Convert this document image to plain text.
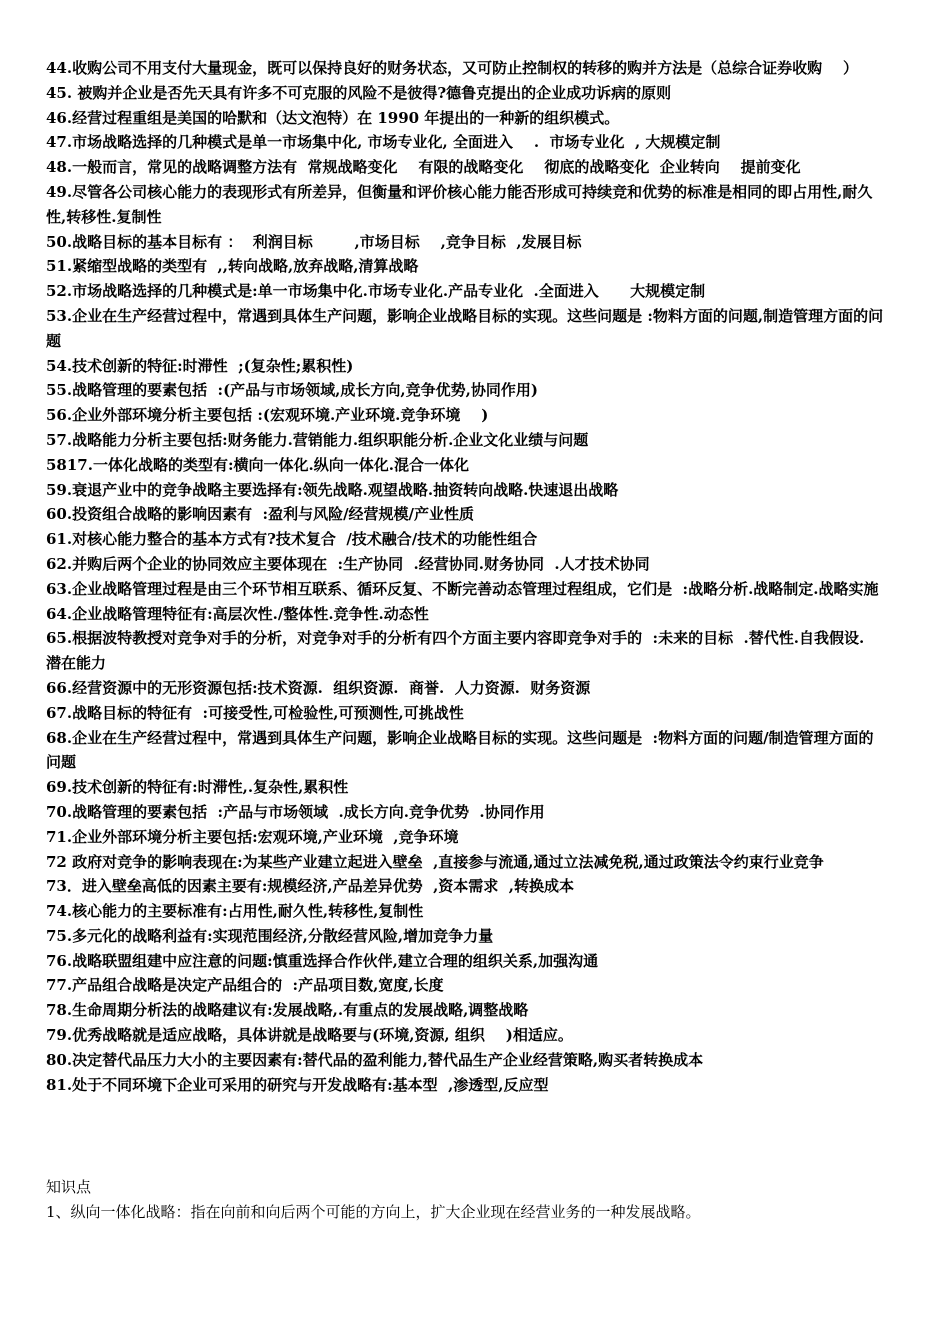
44.收购公司不用支付大量现金，既可以保持良好的财务状态，又可防止控制权的转移的购并方法是（总综合证券收购    ）

45. 被购并企业是否先天具有许多不可克服的风险不是彼得?德鲁克提出的企业成功诉病的原则

46.经营过程重组是美国的哈默和（达文泡特）在 1990 年提出的一种新的组织模式。

47.市场战略选择的几种模式是单一市场集中化, 市场专业化, 全面进入    .  市场专业化  , 大规模定制

48.一般而言，常见的战略调整方法有  常规战略变化    有限的战略变化    彻底的战略变化  企业转向    提前变化

49.尽管各公司核心能力的表现形式有所差异，但衡量和评价核心能力能否形成可持续竞和优势的标准是相同的即占用性,耐久性,转移性.复制性

50.战略目标的基本目标有 ：  利润目标        ,市场目标    ,竞争目标  ,发展目标

51.紧缩型战略的类型有  ,,转向战略,放弃战略,清算战略

52.市场战略选择的几种模式是:单一市场集中化.市场专业化.产品专业化  .全面进入      大规模定制

53.企业在生产经营过程中，常遇到具体生产问题，影响企业战略目标的实现。这些问题是 :物料方面的问题,制造管理方面的问题

54.技术创新的特征:时滞性  ;(复杂性;累积性)

55.战略管理的要素包括  :(产品与市场领域,成长方向,竞争优势,协同作用)

56.企业外部环境分析主要包括 :(宏观环境.产业环境.竞争环境    )

57.战略能力分析主要包括:财务能力.营销能力.组织职能分析.企业文化业绩与问题

5817.一体化战略的类型有:横向一体化.纵向一体化.混合一体化

59.衰退产业中的竞争战略主要选择有:领先战略.观望战略.抽资转向战略.快速退出战略

60.投资组合战略的影响因素有  :盈利与风险/经营规模/产业性质

61.对核心能力整合的基本方式有?技术复合  /技术融合/技术的功能性组合

62.并购后两个企业的协同效应主要体现在  :生产协同  .经营协同.财务协同  .人才技术协同

63.企业战略管理过程是由三个环节相互联系、循环反复、不断完善动态管理过程组成，它们是  :战略分析.战略制定.战略实施

64.企业战略管理特征有:高层次性./整体性.竞争性.动态性

65.根据波特教授对竞争对手的分析，对竞争对手的分析有四个方面主要内容即竞争对手的  :未来的目标  .替代性.自我假设.  潜在能力

66.经营资源中的无形资源包括:技术资源.  组织资源.  商誉.  人力资源.  财务资源

67.战略目标的特征有  :可接受性,可检验性,可预测性,可挑战性

68.企业在生产经营过程中，常遇到具体生产问题，影响企业战略目标的实现。这些问题是  :物料方面的问题/制造管理方面的问题

69.技术创新的特征有:时滞性,.复杂性,累积性

70.战略管理的要素包括  :产品与市场领域  .成长方向.竞争优势  .协同作用

71.企业外部环境分析主要包括:宏观环境,产业环境  ,竞争环境

72 政府对竞争的影响表现在:为某些产业建立起进入壁垒  ,直接参与流通,通过立法减免税,通过政策法令约束行业竞争

73．进入壁垒高低的因素主要有:规模经济,产品差异优势  ,资本需求  ,转换成本

74.核心能力的主要标准有:占用性,耐久性,转移性,复制性

75.多元化的战略利益有:实现范围经济,分散经营风险,增加竞争力量

76.战略联盟组建中应注意的问题:慎重选择合作伙伴,建立合理的组织关系,加强沟通

77.产品组合战略是决定产品组合的  :产品项目数,宽度,长度

78.生命周期分析法的战略建议有:发展战略,.有重点的发展战略,调整战略

79.优秀战略就是适应战略，具体讲就是战略要与(环境,资源, 组织    )相适应。

80.决定替代品压力大小的主要因素有:替代品的盈利能力,替代品生产企业经营策略,购买者转换成本

81.处于不同环境下企业可采用的研究与开发战略有:基本型  ,渗透型,反应型

知识点

1、纵向一体化战略：指在向前和向后两个可能的方向上，扩大企业现在经营业务的一种发展战略。
